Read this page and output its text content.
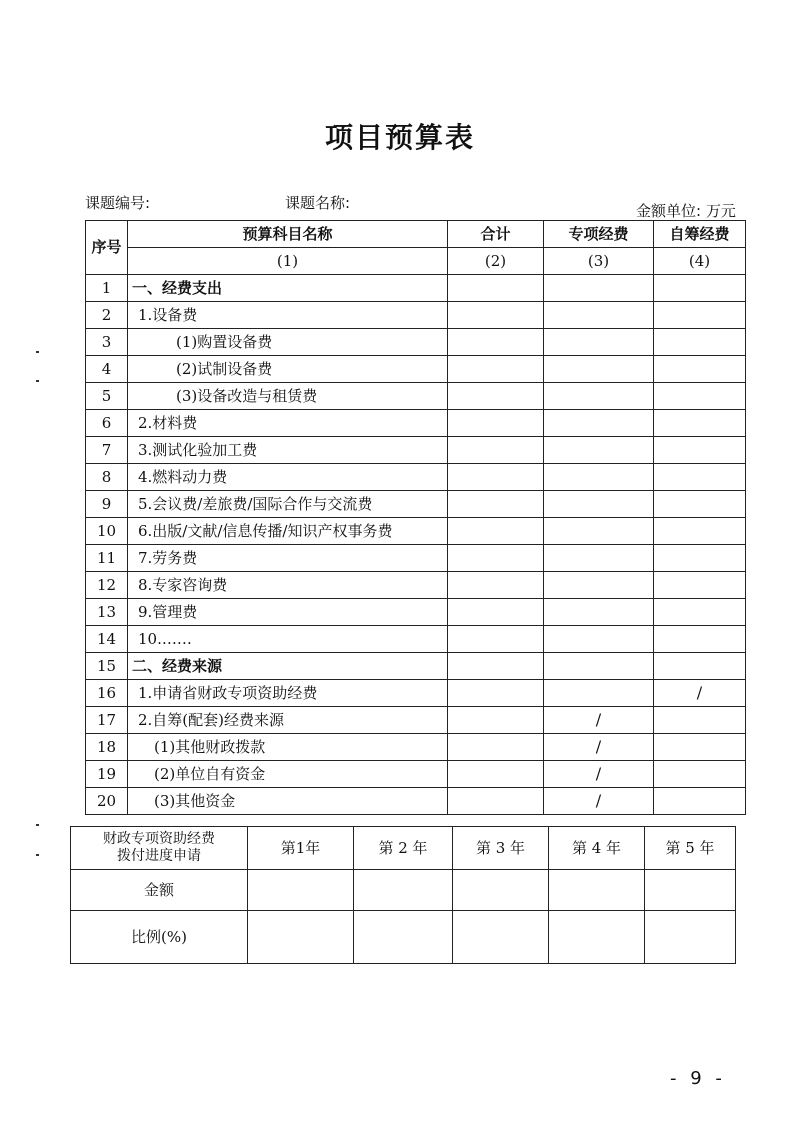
项目预算表
课题编号:	课题名称:	金额单位: 万元
序号	预算科目名称	合计	专项经费	自筹经费
	(1)	(2)	(3)	(4)
1	一、经费支出			
2	1.设备费			
3	(1)购置设备费			
4	(2)试制设备费			
5	(3)设备改造与租赁费			
6	2.材料费			
7	3.测试化验加工费			
8	4.燃料动力费			
9	5.会议费/差旅费/国际合作与交流费			
10	6.出版/文献/信息传播/知识产权事务费			
11	7.劳务费			
12	8.专家咨询费			
13	9.管理费			
14	10.……			
15	二、经费来源			
16	1.申请省财政专项资助经费			/
17	2.自筹(配套)经费来源		/	
18	(1)其他财政拨款		/	
19	(2)单位自有资金		/	
20	(3)其他资金		/	
财政专项资助经费
拨付进度申请	第1年	第 2 年	第 3 年	第 4 年	第 5 年
金额					
比例(%)					
- 9 -
